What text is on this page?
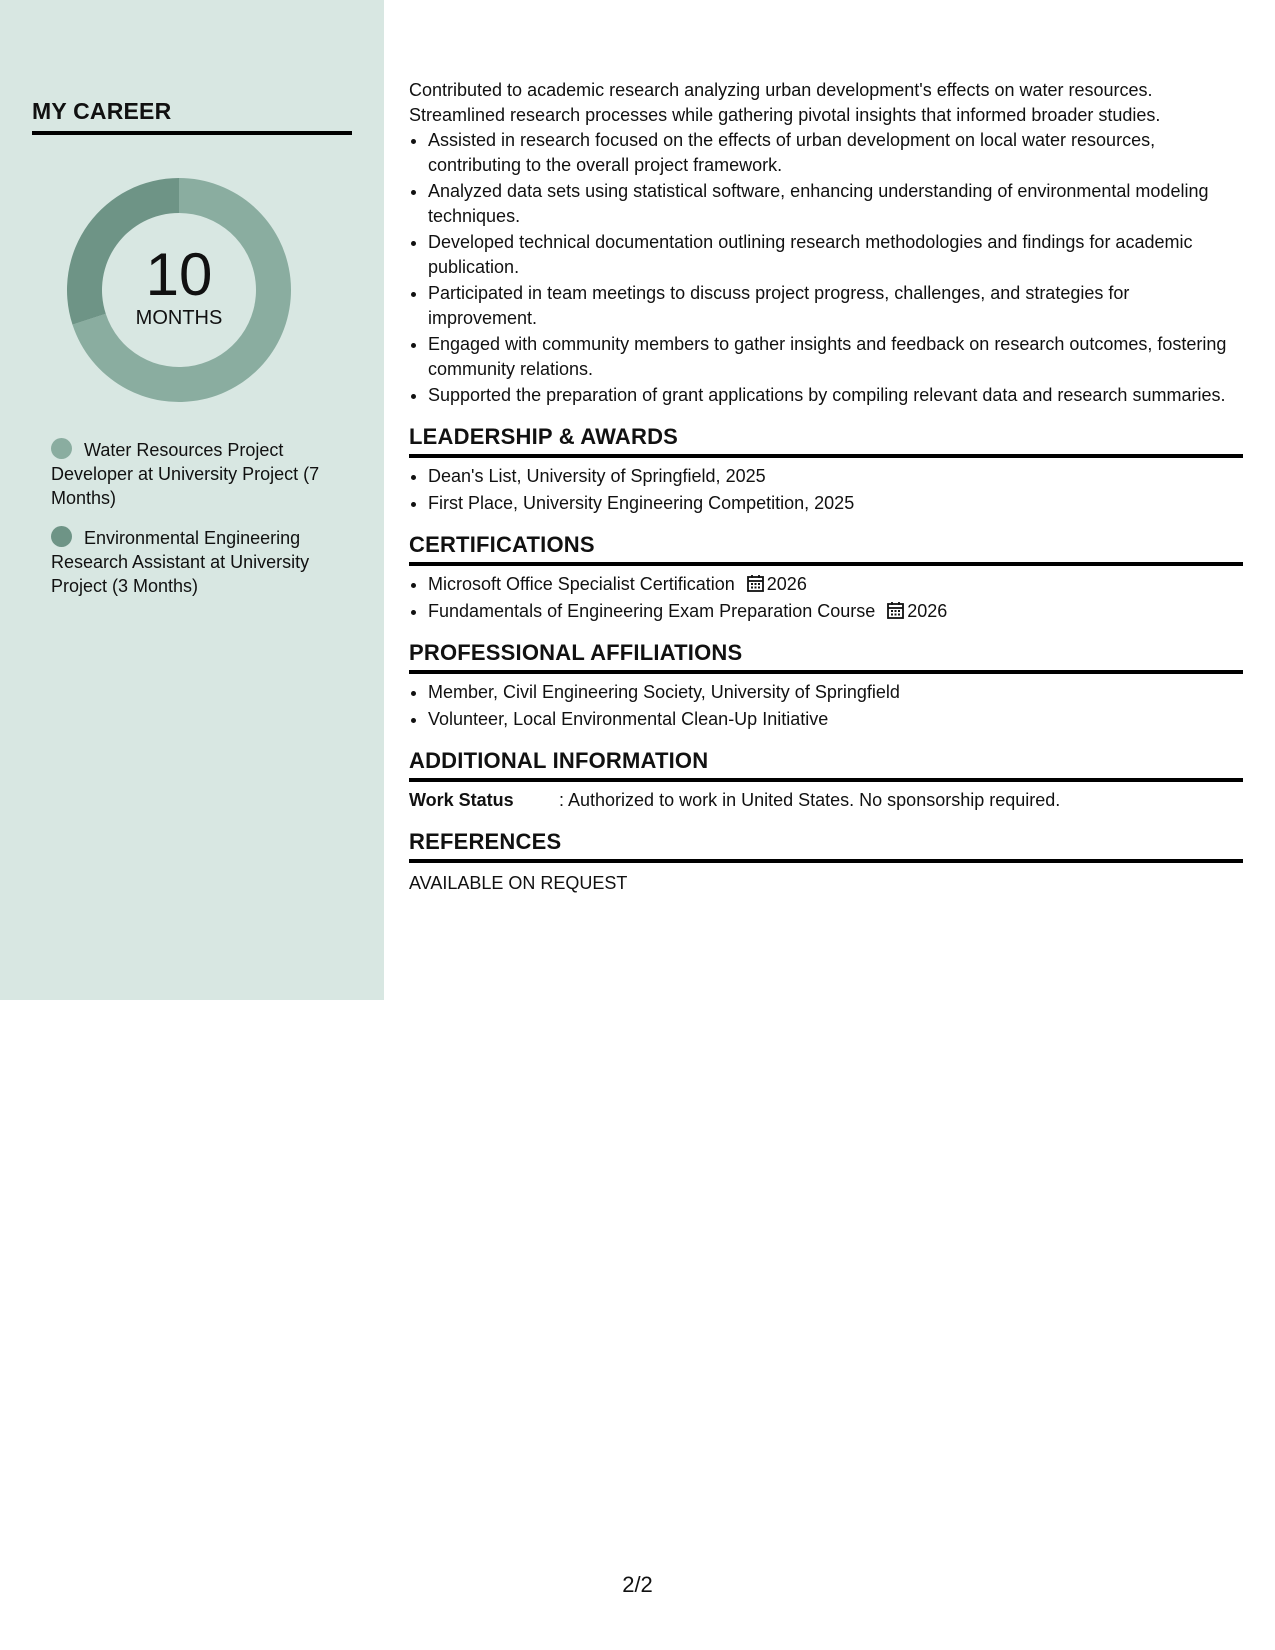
MY CAREER
10
MONTHS
Water Resources Project Developer at University Project (7 Months)
Environmental Engineering Research Assistant at University Project (3 Months)

Contributed to academic research analyzing urban development's effects on water resources. Streamlined research processes while gathering pivotal insights that informed broader studies.

• Assisted in research focused on the effects of urban development on local water resources, contributing to the overall project framework.
• Analyzed data sets using statistical software, enhancing understanding of environmental modeling techniques.
• Developed technical documentation outlining research methodologies and findings for academic publication.
• Participated in team meetings to discuss project progress, challenges, and strategies for improvement.
• Engaged with community members to gather insights and feedback on research outcomes, fostering community relations.
• Supported the preparation of grant applications by compiling relevant data and research summaries.
LEADERSHIP & AWARDS
• Dean's List, University of Springfield, 2025
• First Place, University Engineering Competition, 2025
CERTIFICATIONS
• Microsoft Office Specialist Certification 2026
• Fundamentals of Engineering Exam Preparation Course 2026
PROFESSIONAL AFFILIATIONS
• Member, Civil Engineering Society, University of Springfield
• Volunteer, Local Environmental Clean-Up Initiative
ADDITIONAL INFORMATION
Work Status	: Authorized to work in United States. No sponsorship required.
REFERENCES
AVAILABLE ON REQUEST
2/2
